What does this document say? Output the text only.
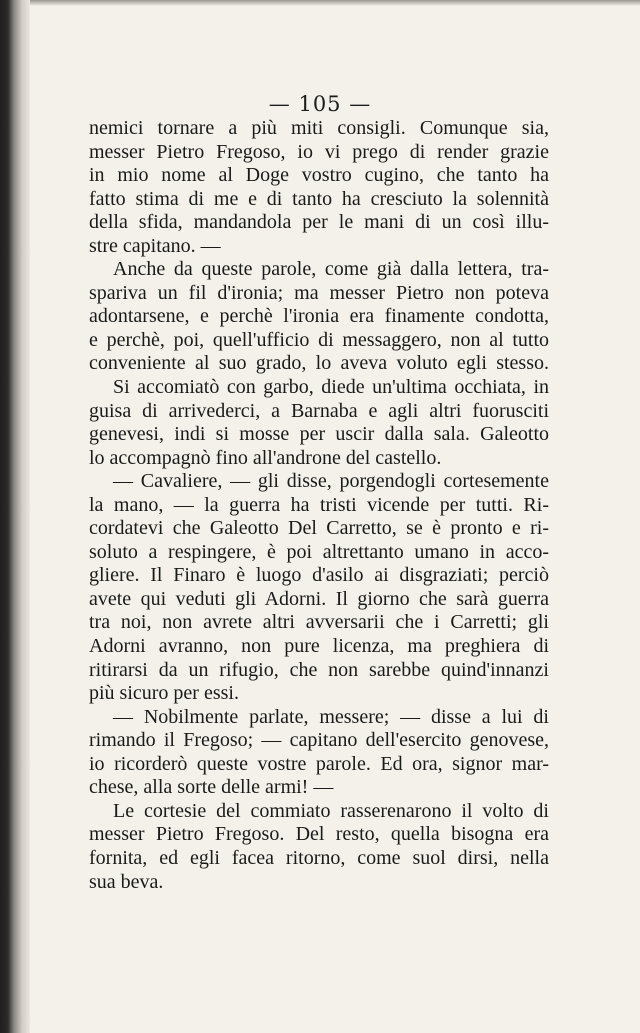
— 105 —
nemici tornare a più miti consigli. Comunque sia,
messer Pietro Fregoso, io vi prego di render grazie
in mio nome al Doge vostro cugino, che tanto ha
fatto stima di me e di tanto ha cresciuto la solennità
della sfida, mandandola per le mani di un così illu-
stre capitano. —
Anche da queste parole, come già dalla lettera, tra-
spariva un fil d'ironia; ma messer Pietro non poteva
adontarsene, e perchè l'ironia era finamente condotta,
e perchè, poi, quell'ufficio di messaggero, non al tutto
conveniente al suo grado, lo aveva voluto egli stesso.
Si accomiatò con garbo, diede un'ultima occhiata, in
guisa di arrivederci, a Barnaba e agli altri fuorusciti
genevesi, indi si mosse per uscir dalla sala. Galeotto
lo accompagnò fino all'androne del castello.
— Cavaliere, — gli disse, porgendogli cortesemente
la mano, — la guerra ha tristi vicende per tutti. Ri-
cordatevi che Galeotto Del Carretto, se è pronto e ri-
soluto a respingere, è poi altrettanto umano in acco-
gliere. Il Finaro è luogo d'asilo ai disgraziati; perciò
avete qui veduti gli Adorni. Il giorno che sarà guerra
tra noi, non avrete altri avversarii che i Carretti; gli
Adorni avranno, non pure licenza, ma preghiera di
ritirarsi da un rifugio, che non sarebbe quind'innanzi
più sicuro per essi.
— Nobilmente parlate, messere; — disse a lui di
rimando il Fregoso; — capitano dell'esercito genovese,
io ricorderò queste vostre parole. Ed ora, signor mar-
chese, alla sorte delle armi! —
Le cortesie del commiato rasserenarono il volto di
messer Pietro Fregoso. Del resto, quella bisogna era
fornita, ed egli facea ritorno, come suol dirsi, nella
sua beva.
